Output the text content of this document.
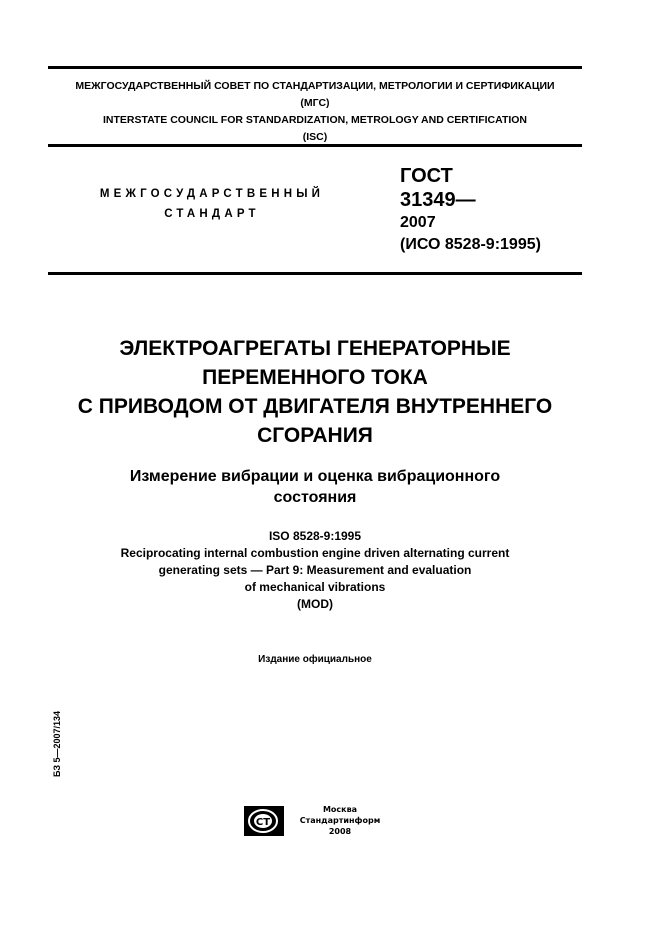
МЕЖГОСУДАРСТВЕННЫЙ СОВЕТ ПО СТАНДАРТИЗАЦИИ, МЕТРОЛОГИИ И СЕРТИФИКАЦИИ
(МГС)
INTERSTATE COUNCIL FOR STANDARDIZATION, METROLOGY AND CERTIFICATION
(ISC)
МЕЖГОСУДАРСТВЕННЫЙ
СТАНДАРТ
ГОСТ
31349—
2007
(ИСО 8528-9:1995)
ЭЛЕКТРОАГРЕГАТЫ ГЕНЕРАТОРНЫЕ
ПЕРЕМЕННОГО ТОКА
С ПРИВОДОМ ОТ ДВИГАТЕЛЯ ВНУТРЕННЕГО
СГОРАНИЯ
Измерение вибрации и оценка вибрационного
состояния
ISO 8528-9:1995
Reciprocating internal combustion engine driven alternating current
generating sets — Part 9: Measurement and evaluation
of mechanical vibrations
(MOD)
Издание официальное
БЗ 5—2007/134
СТ
Москва
Стандартинформ
2008
